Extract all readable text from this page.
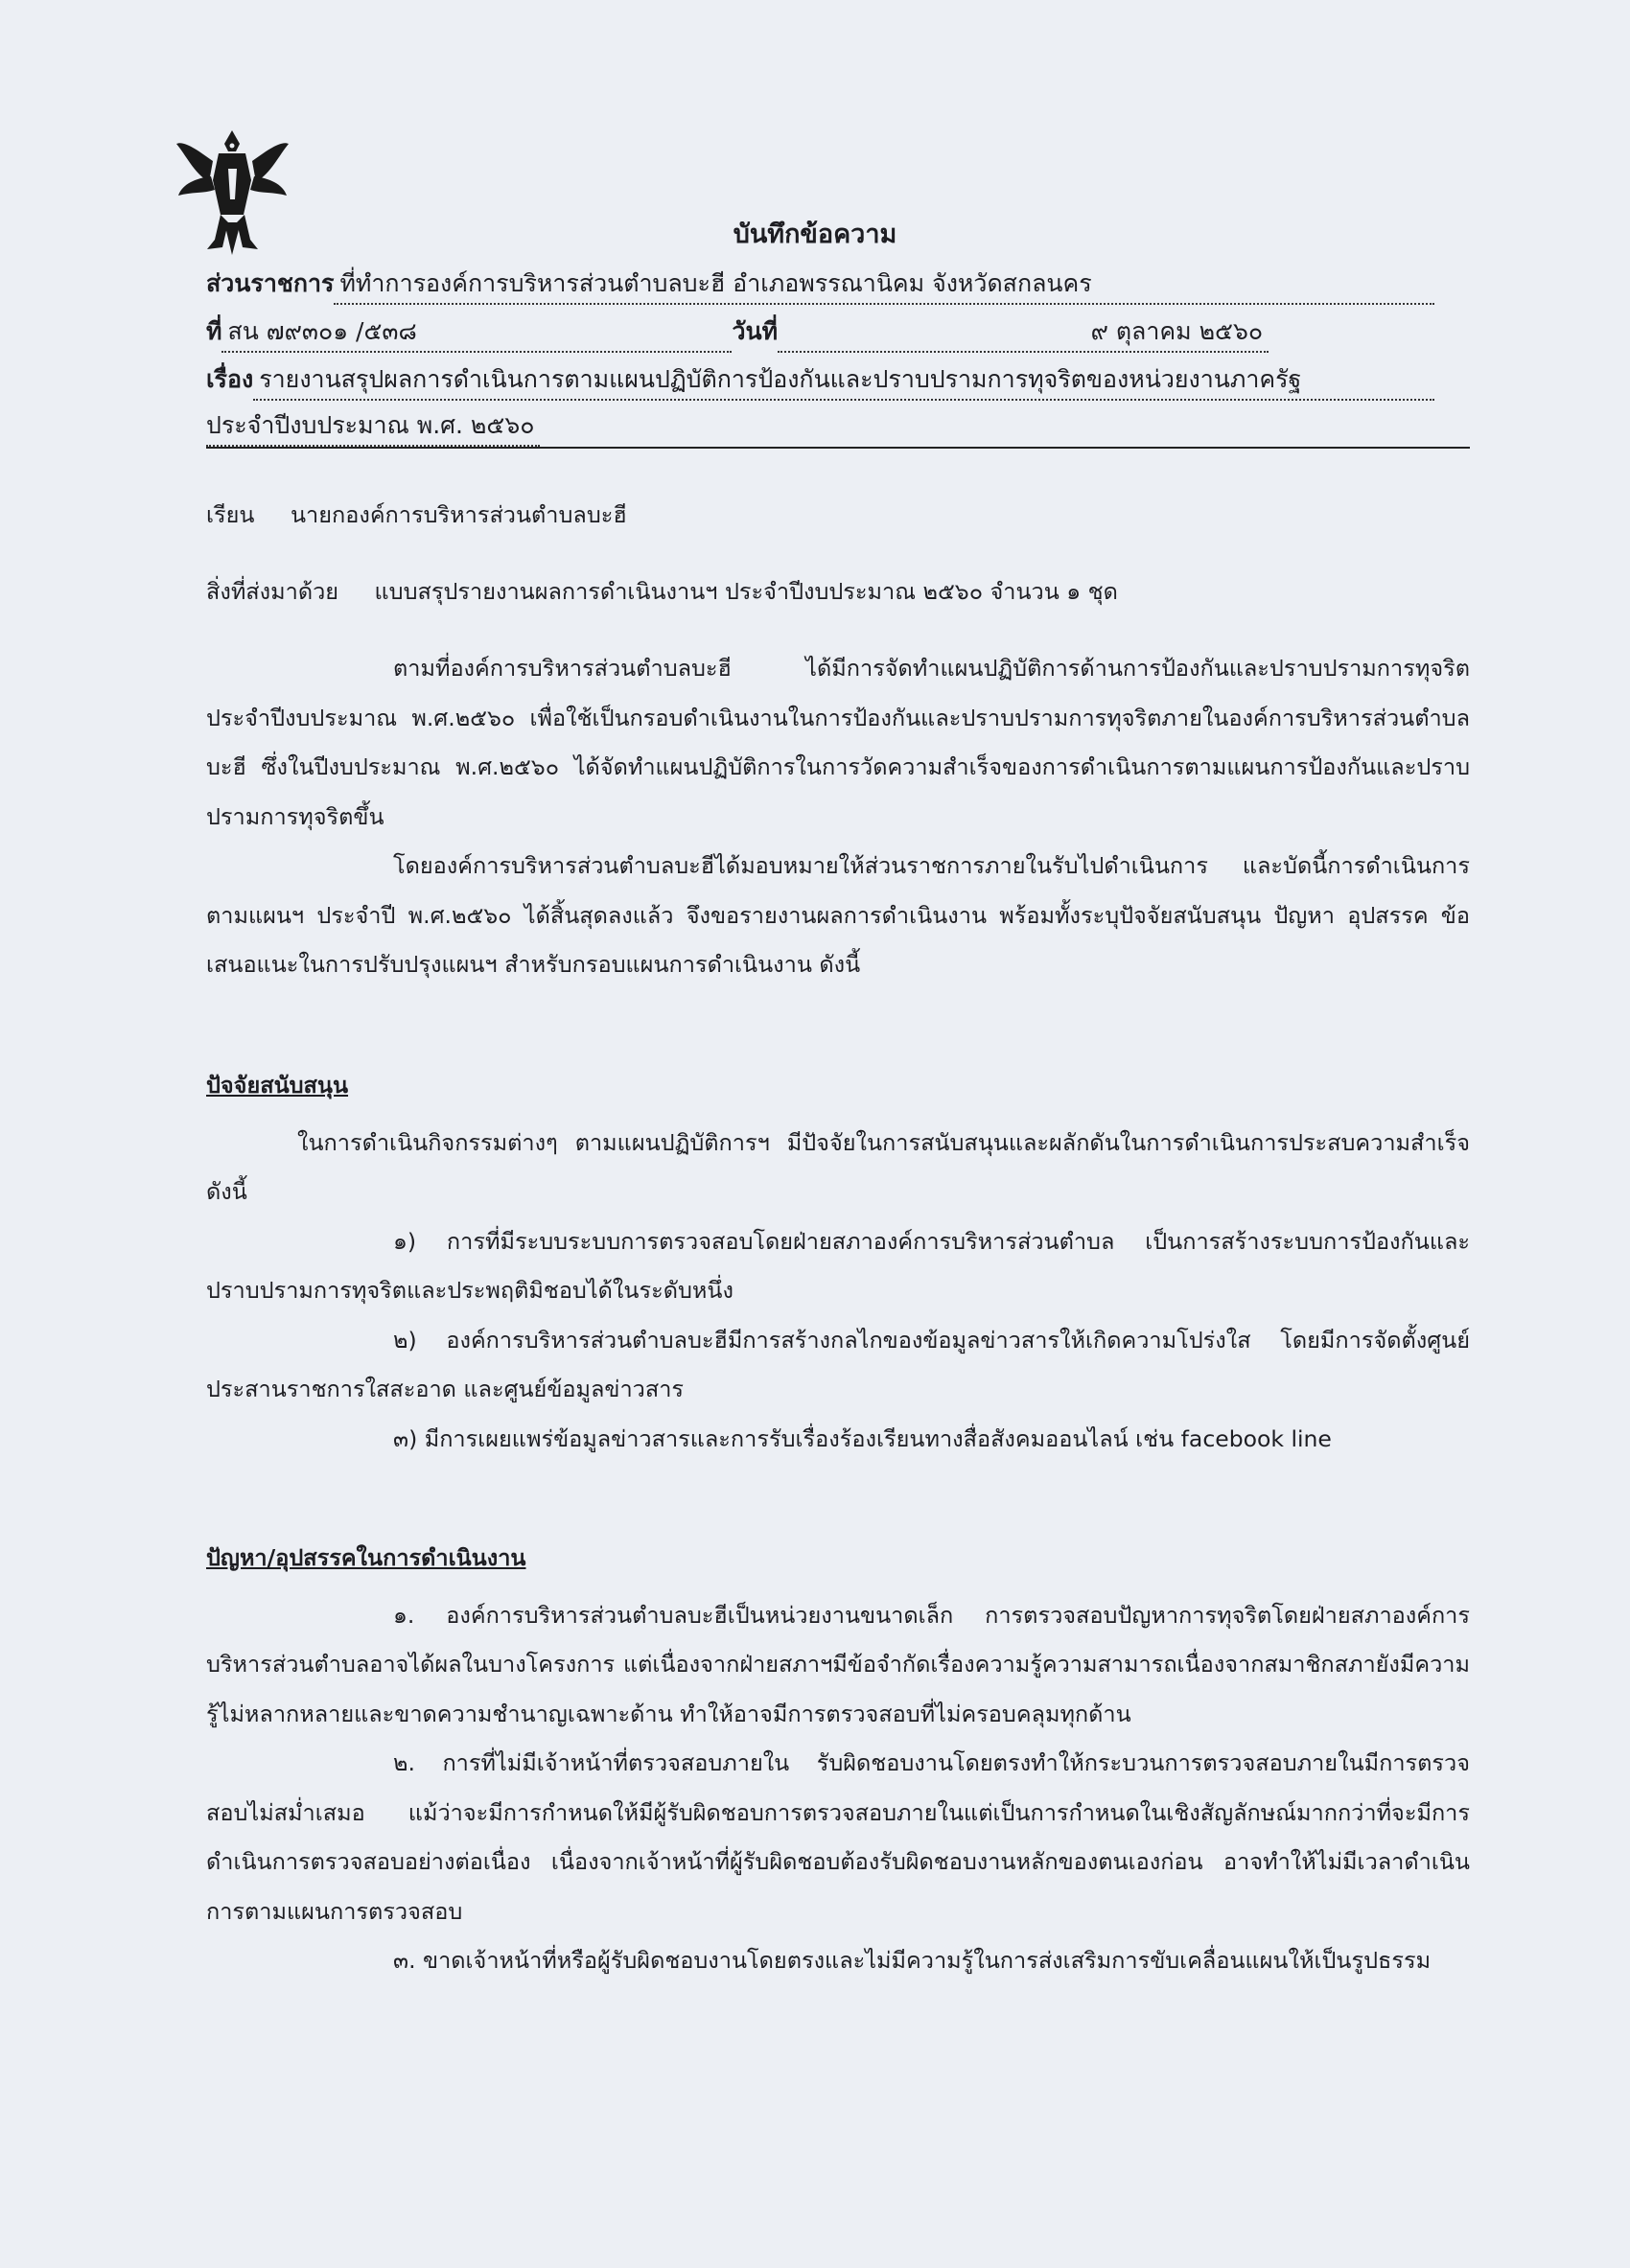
บันทึกข้อความ
ส่วนราชการ ที่ทำการองค์การบริหารส่วนตำบลบะฮี อำเภอพรรณานิคม จังหวัดสกลนคร
ที่ สน ๗๙๓๐๑ /๕๓๘	วันที่	๙ ตุลาคม ๒๕๖๐
เรื่อง รายงานสรุปผลการดำเนินการตามแผนปฏิบัติการป้องกันและปราบปรามการทุจริตของหน่วยงานภาครัฐ
ประจำปีงบประมาณ พ.ศ. ๒๕๖๐
เรียน นายกองค์การบริหารส่วนตำบลบะฮี
สิ่งที่ส่งมาด้วย แบบสรุปรายงานผลการดำเนินงานฯ ประจำปีงบประมาณ ๒๕๖๐ จำนวน ๑ ชุด

ตามที่องค์การบริหารส่วนตำบลบะฮี ได้มีการจัดทำแผนปฏิบัติการด้านการป้องกันและปราบปรามการทุจริต ประจำปีงบประมาณ พ.ศ.๒๕๖๐ เพื่อใช้เป็นกรอบดำเนินงานในการป้องกันและปราบปรามการทุจริตภายในองค์การบริหารส่วนตำบลบะฮี ซึ่งในปีงบประมาณ พ.ศ.๒๕๖๐ ได้จัดทำแผนปฏิบัติการในการวัดความสำเร็จของการดำเนินการตามแผนการป้องกันและปราบปรามการทุจริตขึ้น

โดยองค์การบริหารส่วนตำบลบะฮีได้มอบหมายให้ส่วนราชการภายในรับไปดำเนินการ และบัดนี้การดำเนินการตามแผนฯ ประจำปี พ.ศ.๒๕๖๐ ได้สิ้นสุดลงแล้ว จึงขอรายงานผลการดำเนินงาน พร้อมทั้งระบุปัจจัยสนับสนุน ปัญหา อุปสรรค ข้อเสนอแนะในการปรับปรุงแผนฯ สำหรับกรอบแผนการดำเนินงาน ดังนี้

ปัจจัยสนับสนุน

ในการดำเนินกิจกรรมต่างๆ ตามแผนปฏิบัติการฯ มีปัจจัยในการสนับสนุนและผลักดันในการดำเนินการประสบความสำเร็จ ดังนี้

๑) การที่มีระบบระบบการตรวจสอบโดยฝ่ายสภาองค์การบริหารส่วนตำบล เป็นการสร้างระบบการป้องกันและปราบปรามการทุจริตและประพฤติมิชอบได้ในระดับหนึ่ง

๒) องค์การบริหารส่วนตำบลบะฮีมีการสร้างกลไกของข้อมูลข่าวสารให้เกิดความโปร่งใส โดยมีการจัดตั้งศูนย์ประสานราชการใสสะอาด และศูนย์ข้อมูลข่าวสาร

๓) มีการเผยแพร่ข้อมูลข่าวสารและการรับเรื่องร้องเรียนทางสื่อสังคมออนไลน์ เช่น facebook line

ปัญหา/อุปสรรคในการดำเนินงาน

๑. องค์การบริหารส่วนตำบลบะฮีเป็นหน่วยงานขนาดเล็ก การตรวจสอบปัญหาการทุจริตโดยฝ่ายสภาองค์การบริหารส่วนตำบลอาจได้ผลในบางโครงการ แต่เนื่องจากฝ่ายสภาฯมีข้อจำกัดเรื่องความรู้ความสามารถเนื่องจากสมาชิกสภายังมีความรู้ไม่หลากหลายและขาดความชำนาญเฉพาะด้าน ทำให้อาจมีการตรวจสอบที่ไม่ครอบคลุมทุกด้าน

๒. การที่ไม่มีเจ้าหน้าที่ตรวจสอบภายใน รับผิดชอบงานโดยตรงทำให้กระบวนการตรวจสอบภายในมีการตรวจสอบไม่สม่ำเสมอ แม้ว่าจะมีการกำหนดให้มีผู้รับผิดชอบการตรวจสอบภายในแต่เป็นการกำหนดในเชิงสัญลักษณ์มากกว่าที่จะมีการดำเนินการตรวจสอบอย่างต่อเนื่อง เนื่องจากเจ้าหน้าที่ผู้รับผิดชอบต้องรับผิดชอบงานหลักของตนเองก่อน อาจทำให้ไม่มีเวลาดำเนินการตามแผนการตรวจสอบ

๓. ขาดเจ้าหน้าที่หรือผู้รับผิดชอบงานโดยตรงและไม่มีความรู้ในการส่งเสริมการขับเคลื่อนแผนให้เป็นรูปธรรม
